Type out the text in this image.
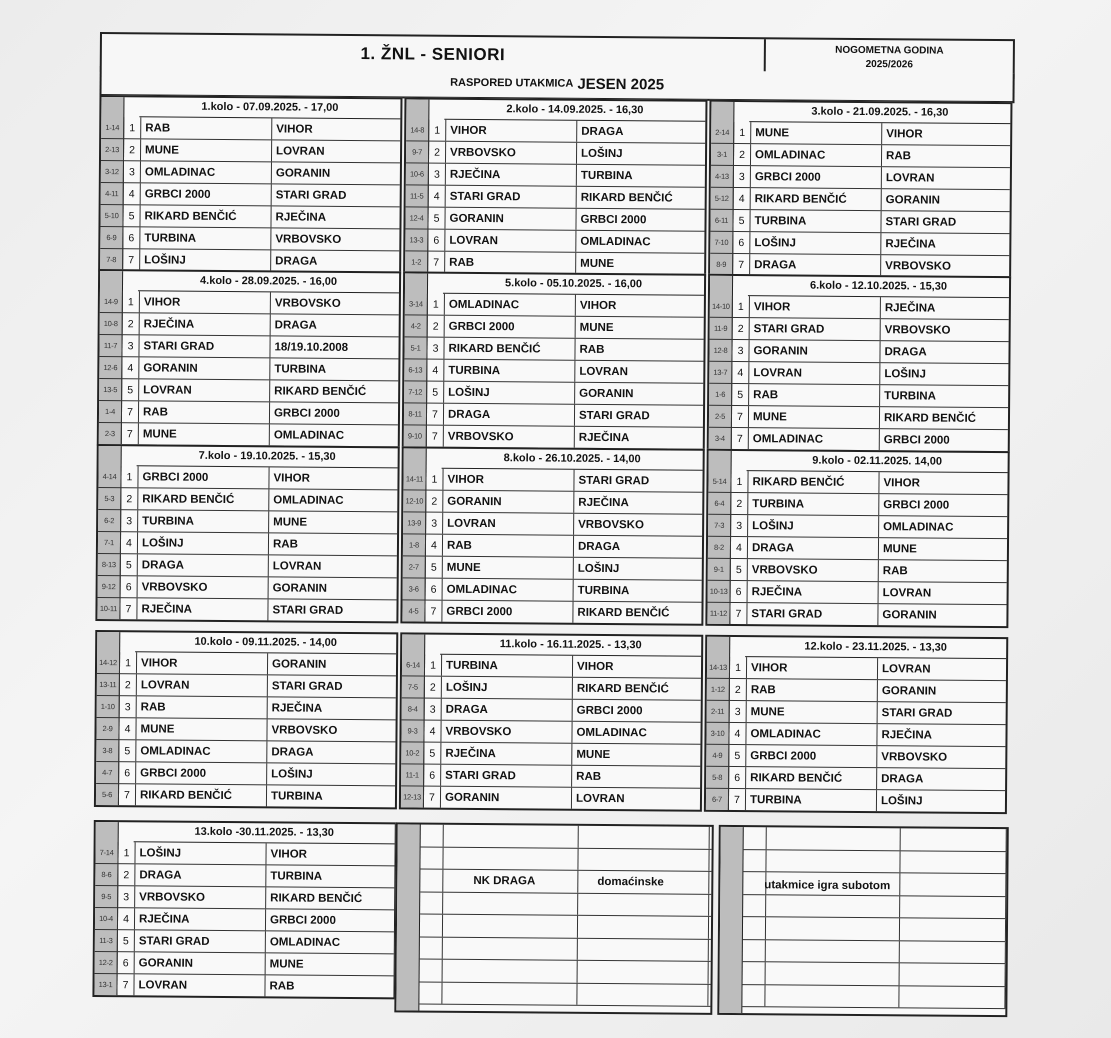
1. ŽNL - SENIORI	NOGOMETNA GODINA
2025/2026
RASPORED UTAKMICA JESEN 2025
1.kolo - 07.09.2025. - 17,00
1-14 1 RAB	VIHOR
2-13 2 MUNE	LOVRAN
3-12 3 OMLADINAC	GORANIN
4-11 4 GRBCI 2000	STARI GRAD
5-10 5 RIKARD BENČIĆ	RJEČINA
6-9	6 TURBINA	VRBOVSKO
7-8	7 LOŠINJ	DRAGA
2.kolo - 14.09.2025. - 16,30
14-8 1 VIHOR	DRAGA
9-7	2 VRBOVSKO	LOŠINJ
10-6 3 RJEČINA	TURBINA
11-5 4 STARI GRAD	RIKARD BENČIĆ
12-4 5 GORANIN	GRBCI 2000
13-3 6 LOVRAN	OMLADINAC
1-2	7 RAB	MUNE
3.kolo - 21.09.2025. - 16,30
2-14 1 MUNE	VIHOR
3-1	2 OMLADINAC	RAB
4-13 3 GRBCI 2000	LOVRAN
5-12 4 RIKARD BENČIĆ	GORANIN
6-11 5 TURBINA	STARI GRAD
7-10 6 LOŠINJ	RJEČINA
8-9	7 DRAGA	VRBOVSKO
4.kolo - 28.09.2025. - 16,00
14-9 1 VIHOR	VRBOVSKO
10-8 2 RJEČINA	DRAGA
11-7 3 STARI GRAD	18/19.10.2008
12-6 4 GORANIN	TURBINA
13-5 5 LOVRAN	RIKARD BENČIĆ
1-4	7 RAB	GRBCI 2000
2-3	7 MUNE	OMLADINAC
5.kolo - 05.10.2025. - 16,00
3-14 1 OMLADINAC	VIHOR
4-2	2 GRBCI 2000	MUNE
5-1	3 RIKARD BENČIĆ	RAB
6-13 4 TURBINA	LOVRAN
7-12 5 LOŠINJ	GORANIN
8-11 7 DRAGA	STARI GRAD
9-10 7 VRBOVSKO	RJEČINA
6.kolo - 12.10.2025. - 15,30
14-10 1 VIHOR	RJEČINA
11-9 2 STARI GRAD	VRBOVSKO
12-8 3 GORANIN	DRAGA
13-7 4 LOVRAN	LOŠINJ
1-6	5 RAB	TURBINA
2-5	7 MUNE	RIKARD BENČIĆ
3-4	7 OMLADINAC	GRBCI 2000
7.kolo - 19.10.2025. - 15,30
4-14 1 GRBCI 2000	VIHOR
5-3	2 RIKARD BENČIĆ	OMLADINAC
6-2	3 TURBINA	MUNE
7-1	4 LOŠINJ	RAB
8-13 5 DRAGA	LOVRAN
9-12 6 VRBOVSKO	GORANIN
10-11 7 RJEČINA	STARI GRAD
8.kolo - 26.10.2025. - 14,00
14-11 1 VIHOR	STARI GRAD
12-10 2 GORANIN	RJEČINA
13-9 3 LOVRAN	VRBOVSKO
1-8	4 RAB	DRAGA
2-7	5 MUNE	LOŠINJ
3-6	6 OMLADINAC	TURBINA
4-5	7 GRBCI 2000	RIKARD BENČIĆ
9.kolo - 02.11.2025. 14,00
5-14 1 RIKARD BENČIĆ	VIHOR
6-4	2 TURBINA	GRBCI 2000
7-3	3 LOŠINJ	OMLADINAC
8-2	4 DRAGA	MUNE
9-1	5 VRBOVSKO	RAB
10-13 6 RJEČINA	LOVRAN
11-12 7 STARI GRAD	GORANIN
10.kolo - 09.11.2025. - 14,00
14-12 1 VIHOR	GORANIN
13-11 2 LOVRAN	STARI GRAD
1-10 3 RAB	RJEČINA
2-9	4 MUNE	VRBOVSKO
3-8	5 OMLADINAC	DRAGA
4-7	6 GRBCI 2000	LOŠINJ
5-6	7 RIKARD BENČIĆ	TURBINA
11.kolo - 16.11.2025. - 13,30
6-14 1 TURBINA	VIHOR
7-5	2 LOŠINJ	RIKARD BENČIĆ
8-4	3 DRAGA	GRBCI 2000
9-3	4 VRBOVSKO	OMLADINAC
10-2 5 RJEČINA	MUNE
11-1 6 STARI GRAD	RAB
12-13 7 GORANIN	LOVRAN
12.kolo - 23.11.2025. - 13,30
14-13 1 VIHOR	LOVRAN
1-12 2 RAB	GORANIN
2-11 3 MUNE	STARI GRAD
3-10 4 OMLADINAC	RJEČINA
4-9	5 GRBCI 2000	VRBOVSKO
5-8	6 RIKARD BENČIĆ	DRAGA
6-7	7 TURBINA	LOŠINJ
13.kolo -30.11.2025. - 13,30
7-14 1 LOŠINJ	VIHOR
8-6	2 DRAGA	TURBINA
9-5	3 VRBOVSKO	RIKARD BENČIĆ
10-4 4 RJEČINA	GRBCI 2000
11-3 5 STARI GRAD	OMLADINAC
12-2 6 GORANIN	MUNE
13-1 7 LOVRAN	RAB
NK DRAGA	domaćinske	utakmice igra subotom
